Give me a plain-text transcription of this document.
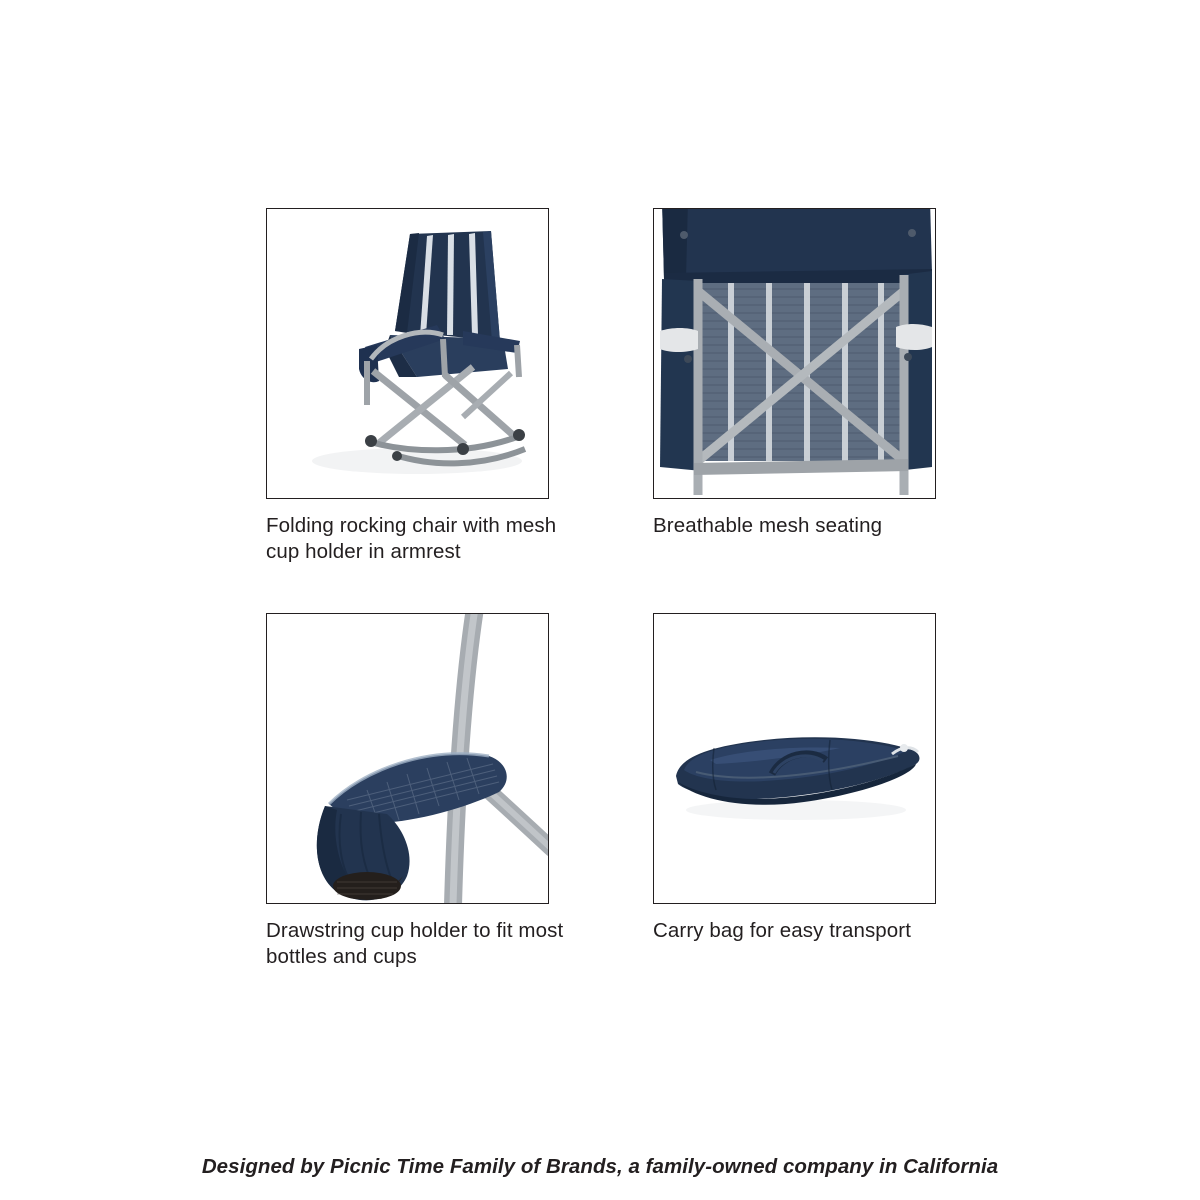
Folding rocking chair with mesh cup holder in armrest
Breathable mesh seating
Drawstring cup holder to fit most bottles and cups
Carry bag for easy transport
Designed by Picnic Time Family of Brands, a family-owned company in California
